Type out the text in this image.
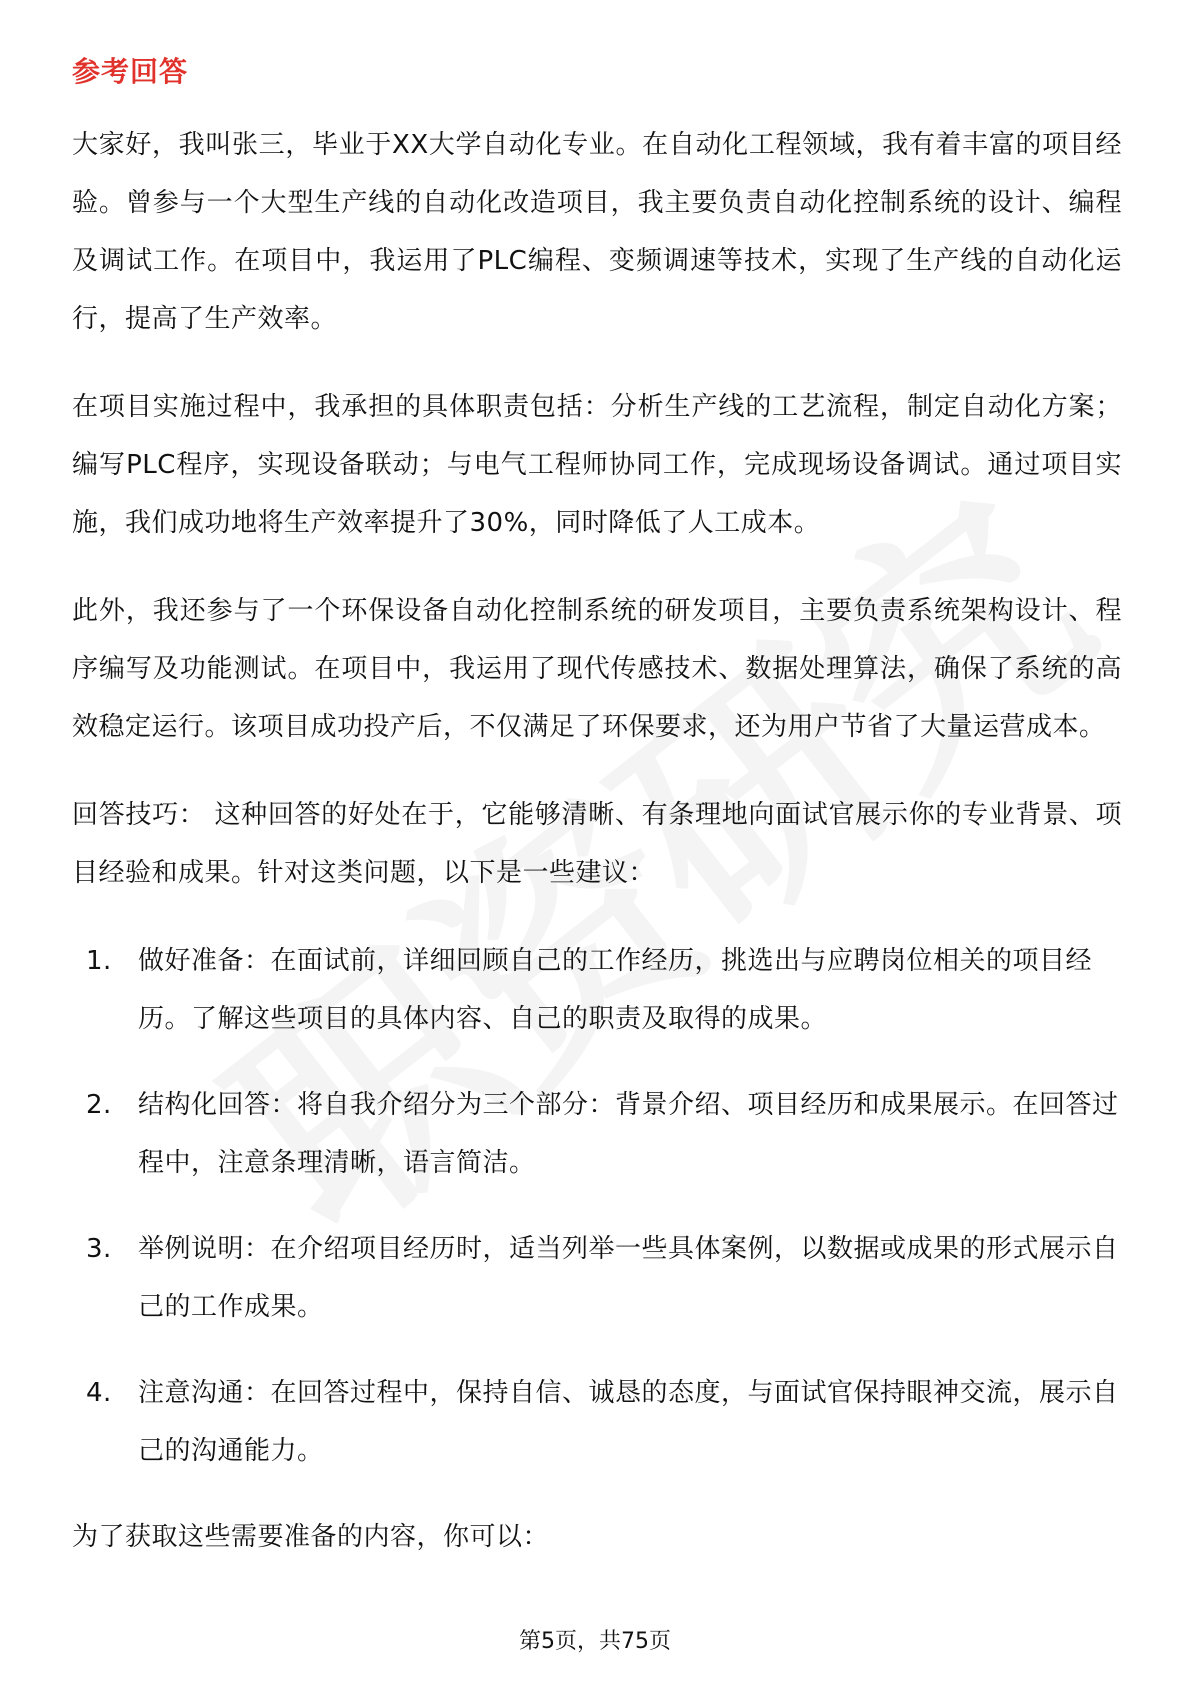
参考回答

大家好，我叫张三，毕业于XX大学自动化专业。在自动化工程领域，我有着丰富的项目经验。曾参与一个大型生产线的自动化改造项目，我主要负责自动化控制系统的设计、编程及调试工作。在项目中，我运用了PLC编程、变频调速等技术，实现了生产线的自动化运行，提高了生产效率。

在项目实施过程中，我承担的具体职责包括：分析生产线的工艺流程，制定自动化方案；编写PLC程序，实现设备联动；与电气工程师协同工作，完成现场设备调试。通过项目实施，我们成功地将生产效率提升了30%，同时降低了人工成本。

此外，我还参与了一个环保设备自动化控制系统的研发项目，主要负责系统架构设计、程序编写及功能测试。在项目中，我运用了现代传感技术、数据处理算法，确保了系统的高效稳定运行。该项目成功投产后，不仅满足了环保要求，还为用户节省了大量运营成本。

回答技巧： 这种回答的好处在于，它能够清晰、有条理地向面试官展示你的专业背景、项目经验和成果。针对这类问题，以下是一些建议：

1. 做好准备：在面试前，详细回顾自己的工作经历，挑选出与应聘岗位相关的项目经历。了解这些项目的具体内容、自己的职责及取得的成果。
2. 结构化回答：将自我介绍分为三个部分：背景介绍、项目经历和成果展示。在回答过程中，注意条理清晰，语言简洁。
3. 举例说明：在介绍项目经历时，适当列举一些具体案例，以数据或成果的形式展示自己的工作成果。
4. 注意沟通：在回答过程中，保持自信、诚恳的态度，与面试官保持眼神交流，展示自己的沟通能力。

为了获取这些需要准备的内容，你可以：

第5页，共75页
